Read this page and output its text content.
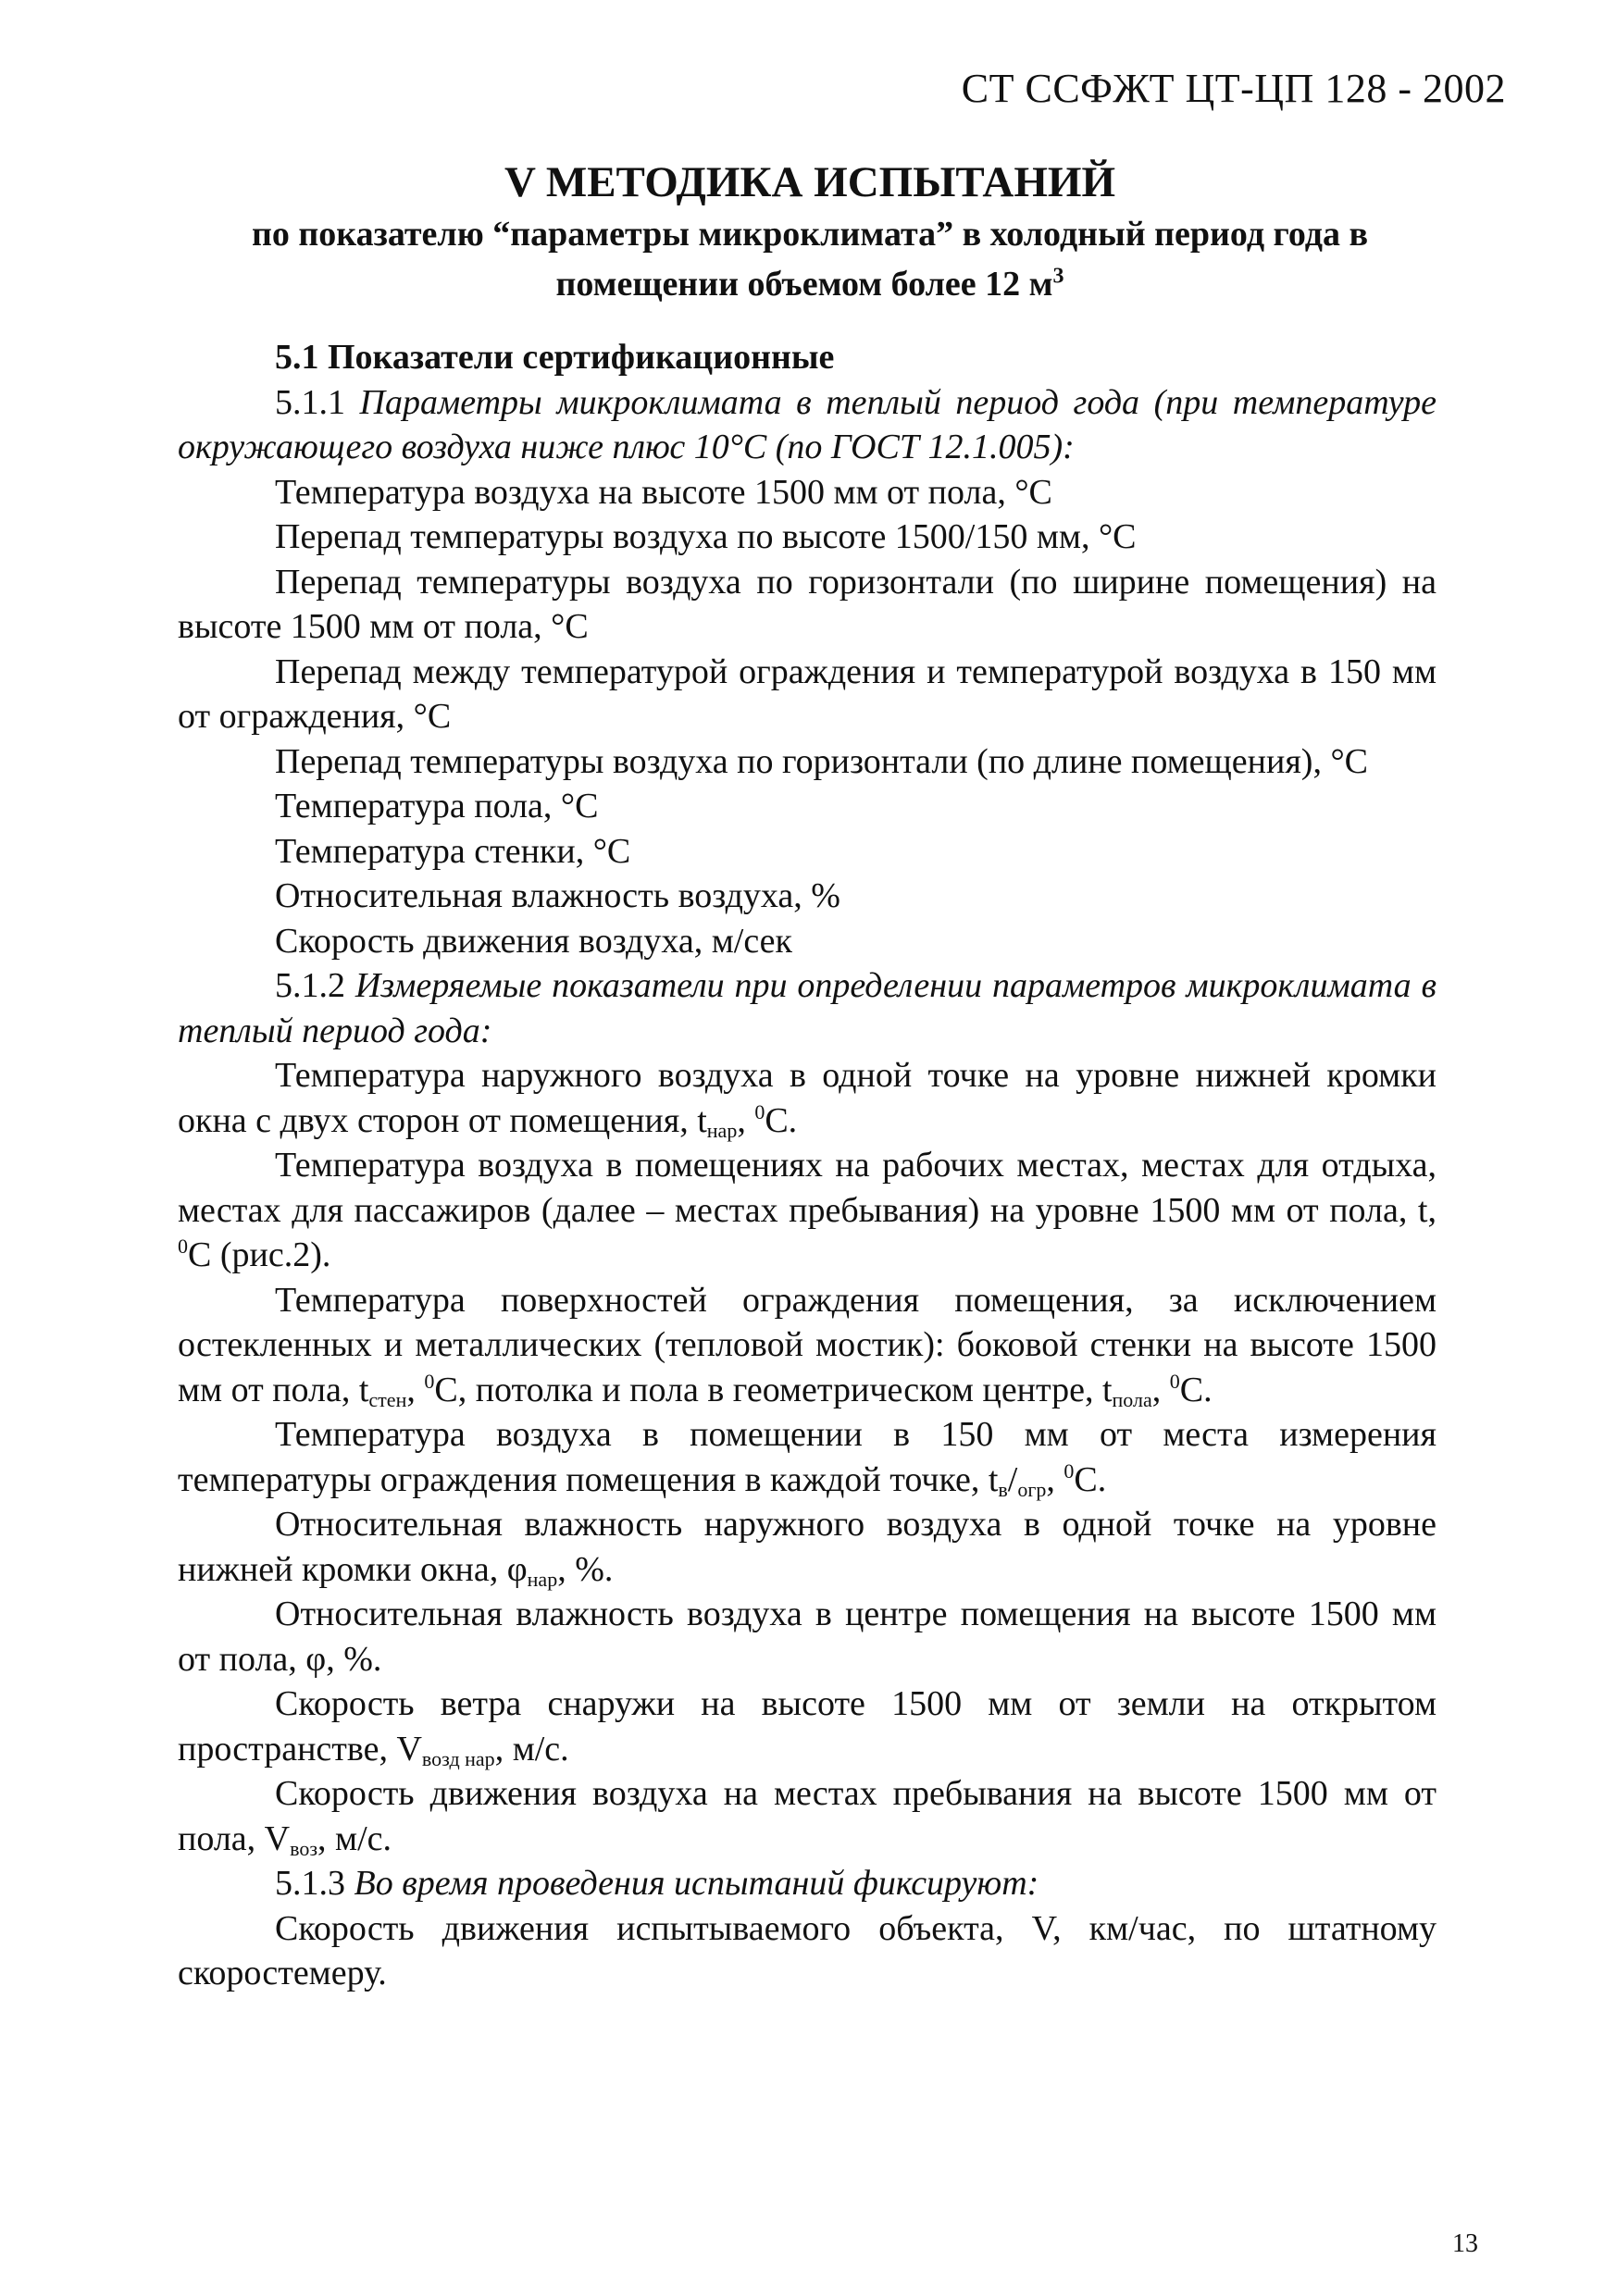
СТ ССФЖТ ЦТ-ЦП 128 - 2002
V МЕТОДИКА ИСПЫТАНИЙ
по показателю “параметры микроклимата” в холодный период года в
помещении объемом более 12 $м^3$

5.1 Показатели сертификационные

5.1.1 Параметры микроклимата в теплый период года (при температуре окружающего воздуха ниже плюс 10°С (по ГОСТ 12.1.005):

Температура воздуха на высоте 1500 мм от пола, °С

Перепад температуры воздуха по высоте 1500/150 мм, °С

Перепад температуры воздуха по горизонтали (по ширине помещения) на высоте 1500 мм от пола, °С

Перепад между температурой ограждения и температурой воздуха в 150 мм от ограждения, °С

Перепад температуры воздуха по горизонтали (по длине помещения), °С

Температура пола, °С

Температура стенки, °С

Относительная влажность воздуха, %

Скорость движения воздуха, м/сек

5.1.2 Измеряемые показатели при определении параметров микроклимата в теплый период года:

Температура наружного воздуха в одной точке на уровне нижней кромки окна с двух сторон от помещения, $t_{нар}$, $^0$С.

Температура воздуха в помещениях на рабочих местах, местах для отдыха, местах для пассажиров (далее – местах пребывания) на уровне 1500 мм от пола, t, $^0$С (рис.2).

Температура поверхностей ограждения помещения, за исключением остекленных и металлических (тепловой мостик): боковой стенки на высоте 1500 мм от пола, $t_{стен}$, $^0$С, потолка и пола в геометрическом центре, $t_{пола}$, $^0$С.

Температура воздуха в помещении в 150 мм от места измерения температуры ограждения помещения в каждой точке, $t_в/_{огр}$, $^0$С.

Относительная влажность наружного воздуха в одной точке на уровне нижней кромки окна, $\varphi_{нар}$, %.

Относительная влажность воздуха в центре помещения на высоте 1500 мм от пола, φ, %.

Скорость ветра снаружи на высоте 1500 мм от земли на открытом пространстве, $V_{возд нар}$, м/с.

Скорость движения воздуха на местах пребывания на высоте 1500 мм от пола, $V_{воз}$, м/с.

5.1.3 Во время проведения испытаний фиксируют:

Скорость движения испытываемого объекта, V, км/час, по штатному скоростемеру.

13
